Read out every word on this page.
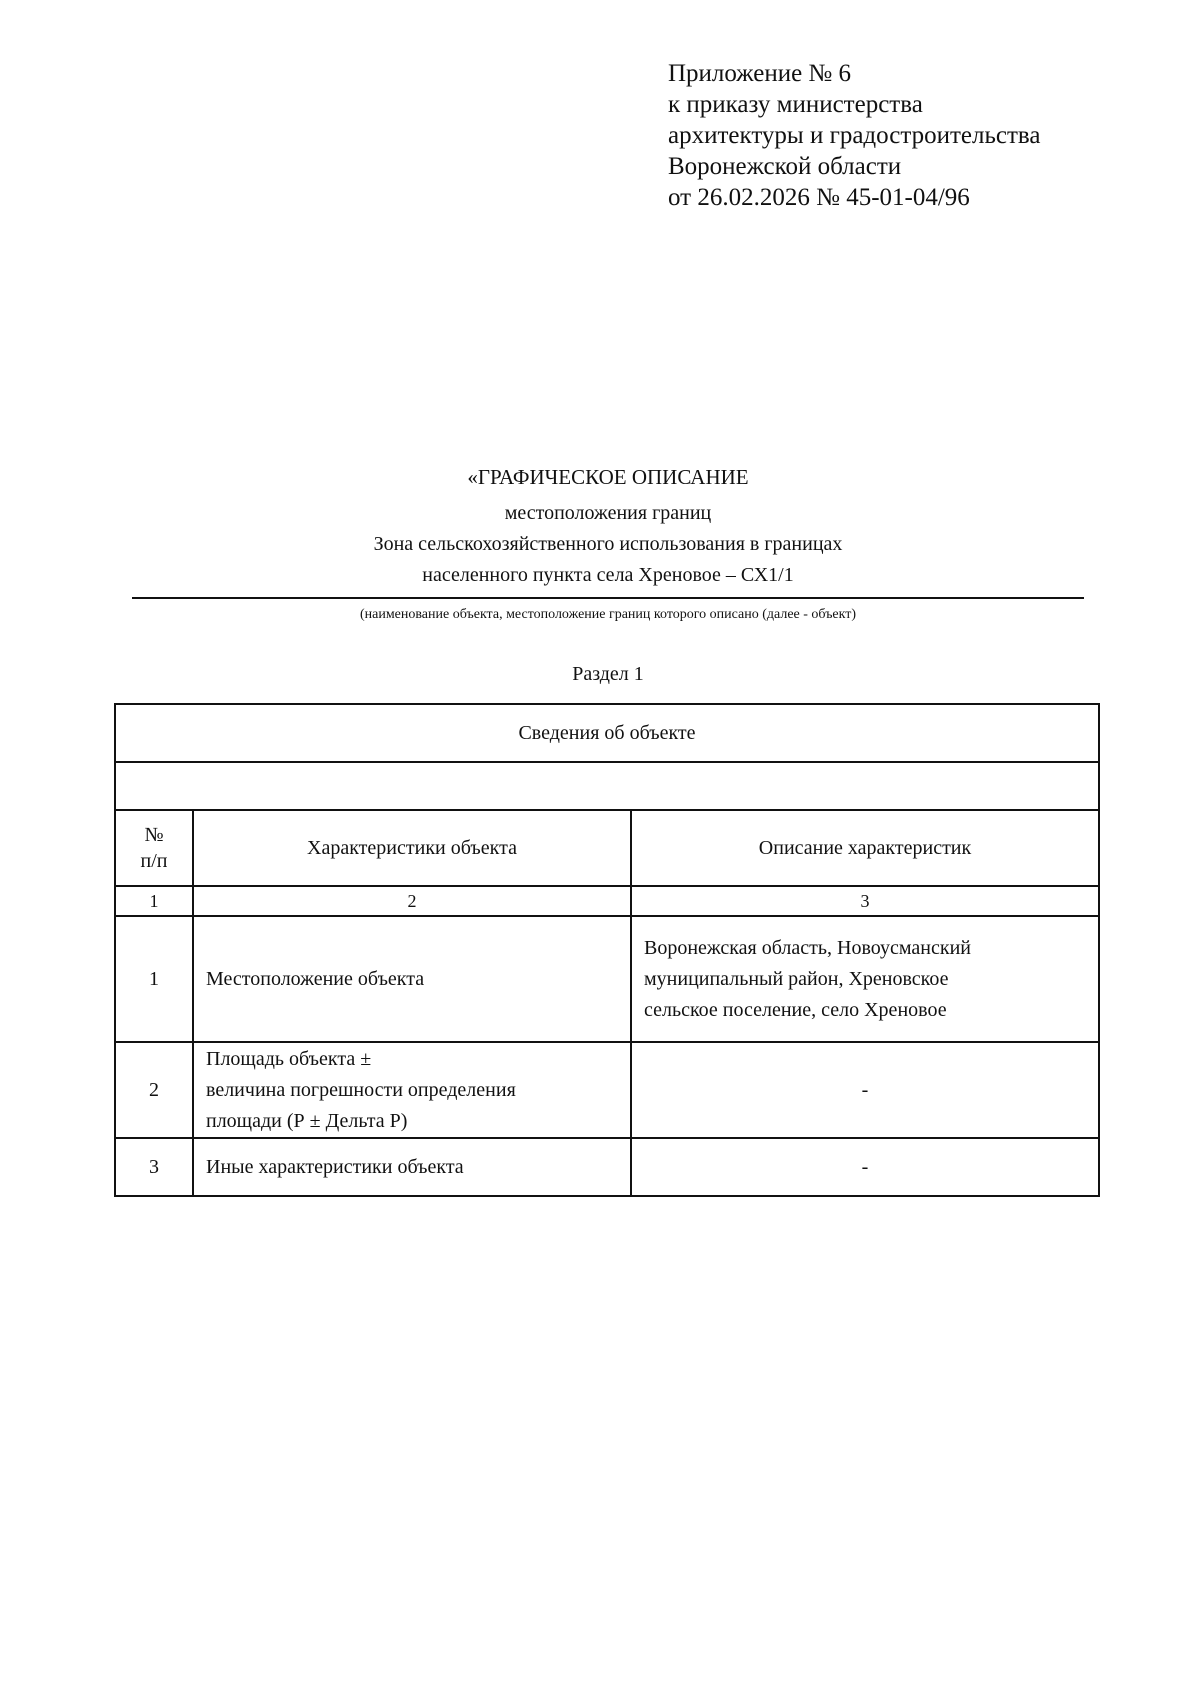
Приложение № 6
к приказу министерства
архитектуры и градостроительства
Воронежской области
от 26.02.2026 № 45-01-04/96
«ГРАФИЧЕСКОЕ ОПИСАНИЕ
местоположения границ
Зона сельскохозяйственного использования в границах
населенного пункта села Хреновое – СХ1/1
(наименование объекта, местоположение границ которого описано (далее - объект)
Раздел 1
Сведения об объекте		

№
п/п	Характеристики объекта	Описание характеристик
1	2	3
1	Местоположение объекта	Воронежская область, Новоусманский
муниципальный район, Хреновское
сельское поселение, село Хреновое

2	Площадь объекта ±
величина погрешности определения
площади (Р ± Дельта Р)	-
3	Иные характеристики объекта	-
